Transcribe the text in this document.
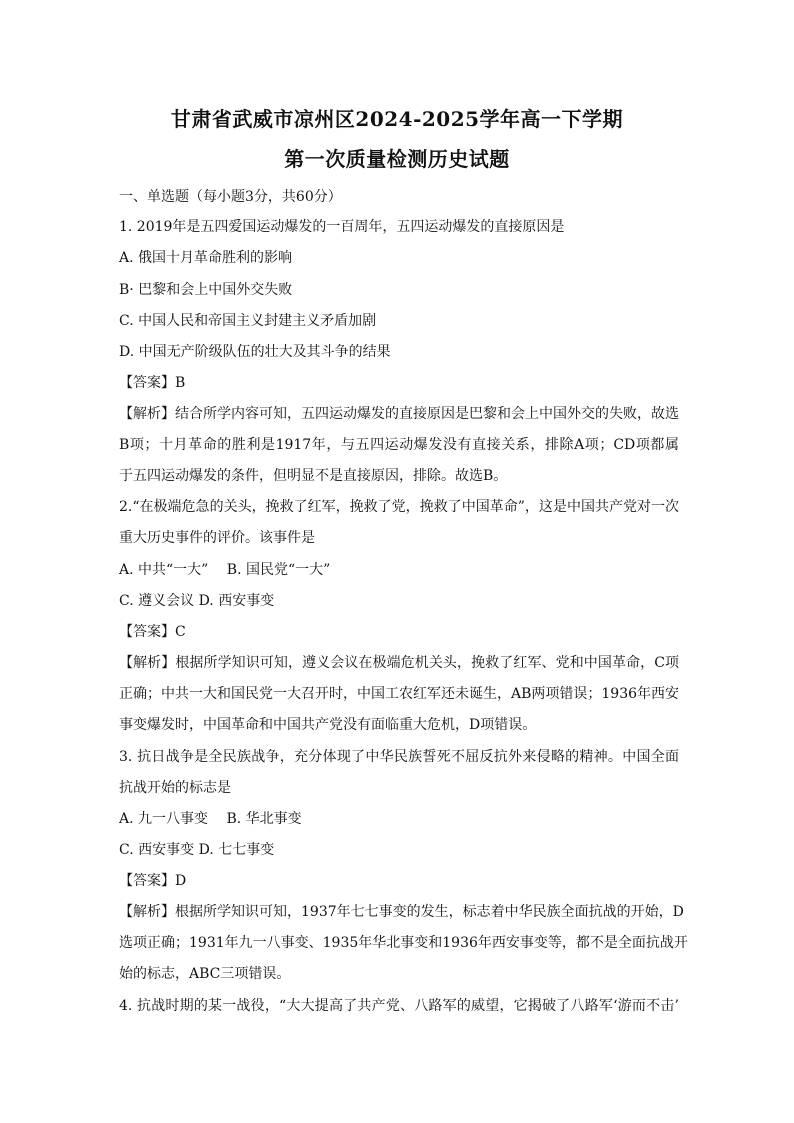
甘肃省武威市凉州区2024-2025学年高一下学期
第一次质量检测历史试题
一、单选题（每小题3分，共60分）
1. 2019年是五四爱国运动爆发的一百周年，五四运动爆发的直接原因是
A. 俄国十月革命胜利的影响
B· 巴黎和会上中国外交失败
C. 中国人民和帝国主义封建主义矛盾加剧
D. 中国无产阶级队伍的壮大及其斗争的结果
【答案】B
【解析】结合所学内容可知，五四运动爆发的直接原因是巴黎和会上中国外交的失败，故选
B项；十月革命的胜利是1917年，与五四运动爆发没有直接关系，排除A项；CD项都属
于五四运动爆发的条件，但明显不是直接原因，排除。故选B。
2.“在极端危急的关头，挽救了红军，挽救了党，挽救了中国革命”，这是中国共产党对一次
重大历史事件的评价。该事件是
A. 中共“一大”　 B. 国民党“一大”
C. 遵义会议 D. 西安事变
【答案】C
【解析】根据所学知识可知，遵义会议在极端危机关头，挽救了红军、党和中国革命，C项
正确；中共一大和国民党一大召开时，中国工农红军还未诞生，AB两项错误；1936年西安
事变爆发时，中国革命和中国共产党没有面临重大危机，D项错误。
3. 抗日战争是全民族战争，充分体现了中华民族誓死不屈反抗外来侵略的精神。中国全面
抗战开始的标志是
A. 九一八事变　 B. 华北事变
C. 西安事变 D. 七七事变
【答案】D
【解析】根据所学知识可知，1937年七七事变的发生，标志着中华民族全面抗战的开始，D
选项正确；1931年九一八事变、1935年华北事变和1936年西安事变等，都不是全面抗战开
始的标志，ABC三项错误。
4. 抗战时期的某一战役，“大大提高了共产党、八路军的威望，它揭破了八路军‘游而不击’
